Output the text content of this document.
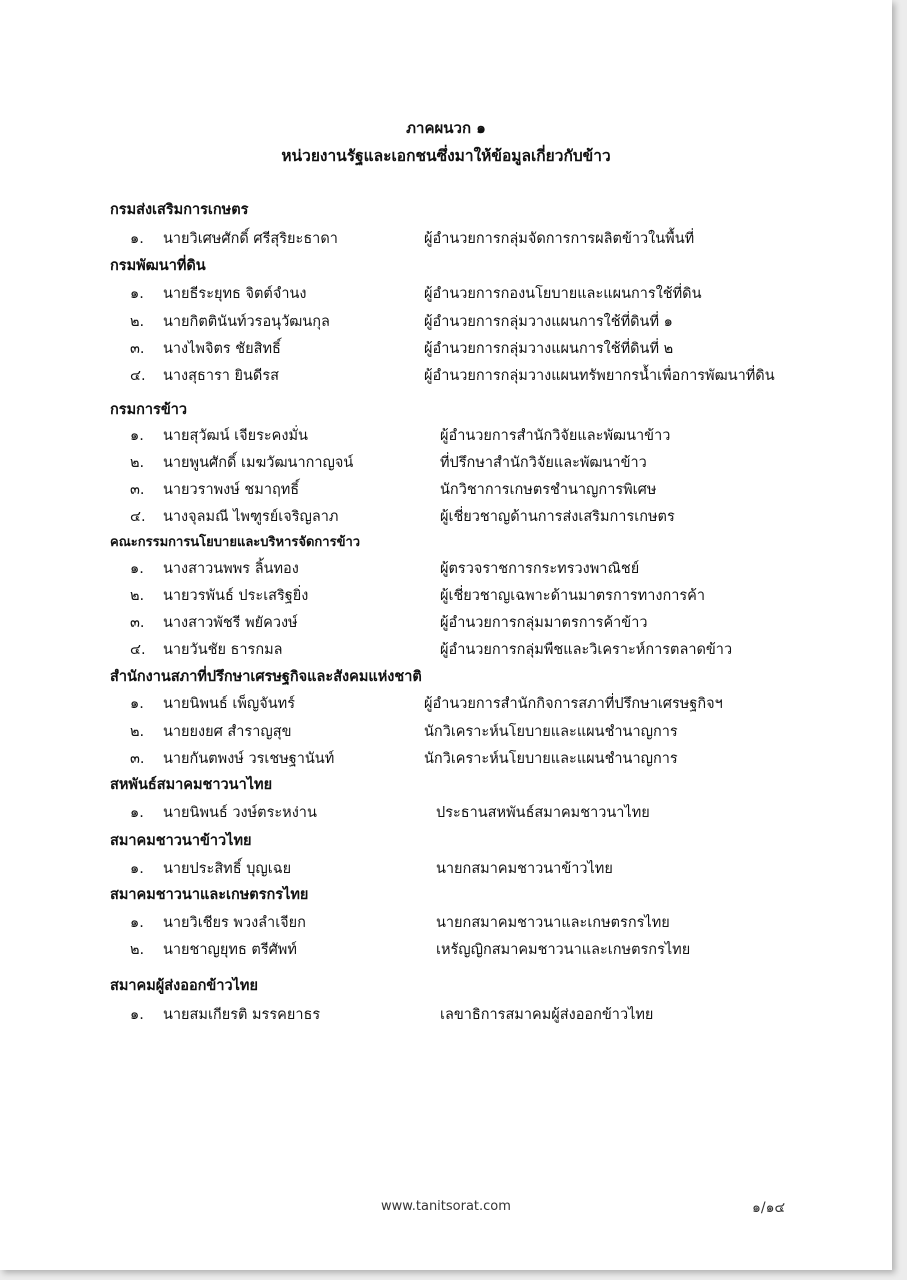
ภาคผนวก ๑
หน่วยงานรัฐและเอกชนซึ่งมาให้ข้อมูลเกี่ยวกับข้าว
กรมส่งเสริมการเกษตร
๑. นายวิเศษศักดิ์ ศรีสุริยะธาดา	ผู้อำนวยการกลุ่มจัดการการผลิตข้าวในพื้นที่
กรมพัฒนาที่ดิน
๑. นายธีระยุทธ จิตต์จำนง	ผู้อำนวยการกองนโยบายและแผนการใช้ที่ดิน
๒. นายกิตตินันท์วรอนุวัฒนกุล	ผู้อำนวยการกลุ่มวางแผนการใช้ที่ดินที่ ๑
๓. นางไพจิตร ชัยสิทธิ์	ผู้อำนวยการกลุ่มวางแผนการใช้ที่ดินที่ ๒
๔. นางสุธารา ยินดีรส	ผู้อำนวยการกลุ่มวางแผนทรัพยากรน้ำเพื่อการพัฒนาที่ดิน
กรมการข้าว
๑. นายสุวัฒน์ เจียระคงมั่น	ผู้อำนวยการสำนักวิจัยและพัฒนาข้าว
๒. นายพูนศักดิ์ เมฆวัฒนากาญจน์	ที่ปรึกษาสำนักวิจัยและพัฒนาข้าว
๓. นายวราพงษ์ ชมาฤทธิ์	นักวิชาการเกษตรชำนาญการพิเศษ
๔. นางจุลมณี ไพฑูรย์เจริญลาภ	ผู้เชี่ยวชาญด้านการส่งเสริมการเกษตร
คณะกรรมการนโยบายและบริหารจัดการข้าว
๑. นางสาวนพพร ลิ้นทอง	ผู้ตรวจราชการกระทรวงพาณิชย์
๒. นายวรพันธ์ ประเสริฐยิ่ง	ผู้เชี่ยวชาญเฉพาะด้านมาตรการทางการค้า
๓. นางสาวพัชรี พยัควงษ์	ผู้อำนวยการกลุ่มมาตรการค้าข้าว
๔. นายวันชัย ธารกมล	ผู้อำนวยการกลุ่มพืชและวิเคราะห์การตลาดข้าว
สำนักงานสภาที่ปรึกษาเศรษฐกิจและสังคมแห่งชาติ
๑. นายนิพนธ์ เพ็ญจันทร์	ผู้อำนวยการสำนักกิจการสภาที่ปรึกษาเศรษฐกิจฯ
๒. นายยงยศ สำราญสุข	นักวิเคราะห์นโยบายและแผนชำนาญการ
๓. นายกันตพงษ์ วรเชษฐานันท์	นักวิเคราะห์นโยบายและแผนชำนาญการ
สหพันธ์สมาคมชาวนาไทย
๑. นายนิพนธ์ วงษ์ตระหง่าน	ประธานสหพันธ์สมาคมชาวนาไทย
สมาคมชาวนาข้าวไทย
๑. นายประสิทธิ์ บุญเฉย	นายกสมาคมชาวนาข้าวไทย
สมาคมชาวนาและเกษตรกรไทย
๑. นายวิเชียร พวงลำเจียก	นายกสมาคมชาวนาและเกษตรกรไทย
๒. นายชาญยุทธ ตรีศัพท์	เหรัญญิกสมาคมชาวนาและเกษตรกรไทย
สมาคมผู้ส่งออกข้าวไทย
๑. นายสมเกียรติ มรรคยาธร	เลขาธิการสมาคมผู้ส่งออกข้าวไทย
www.tanitsorat.com	๑/๑๔
